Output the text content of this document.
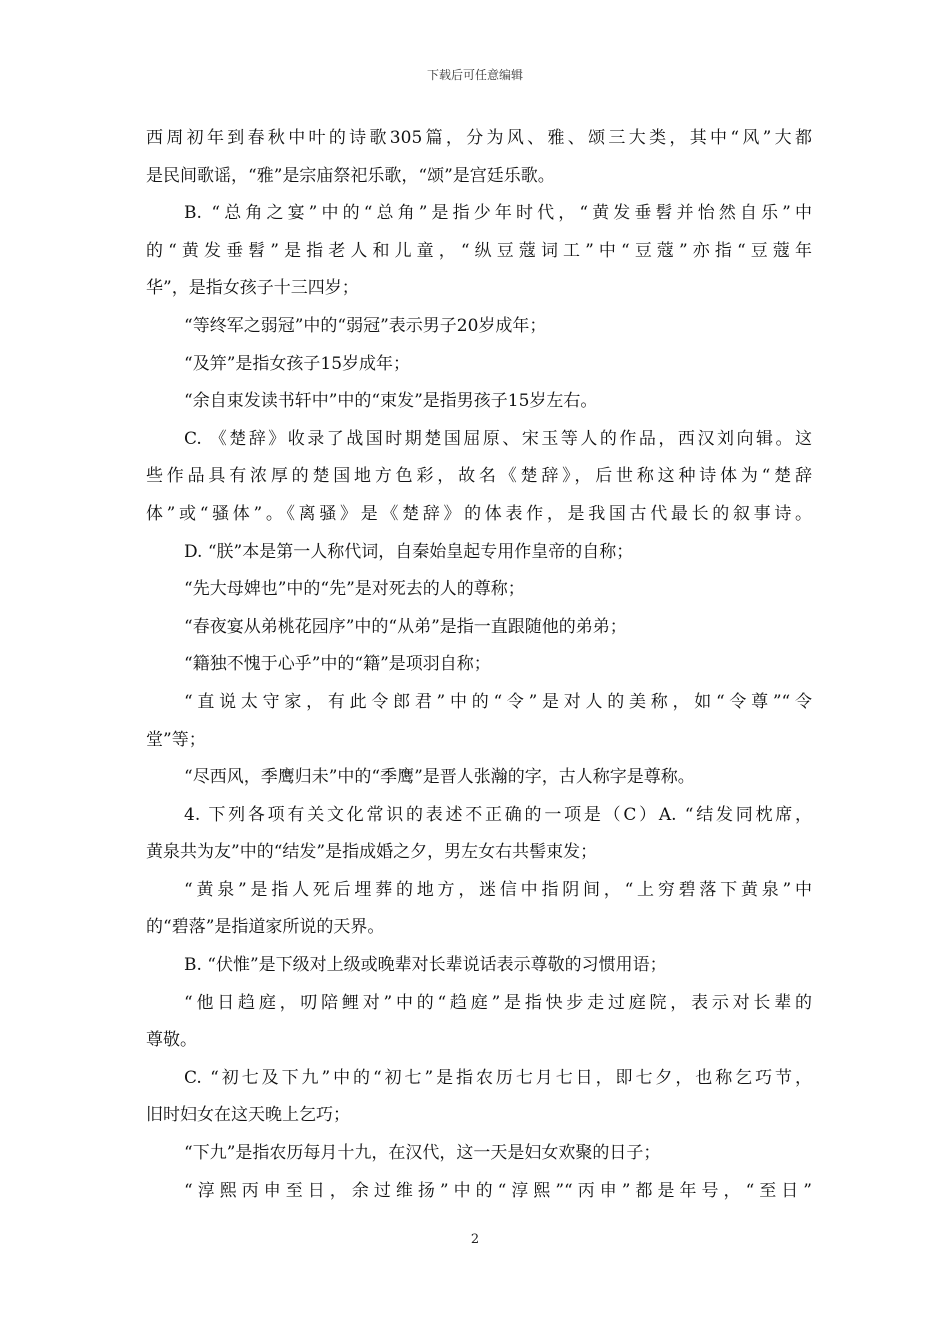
下载后可任意编辑
西周初年到春秋中叶的诗歌305篇，分为风、雅、颂三大类，其中“风”大都
是民间歌谣，“雅”是宗庙祭祀乐歌，“颂”是宫廷乐歌。
B. “总角之宴”中的“总角”是指少年时代，“黄发垂髫并怡然自乐”中
的“黄发垂髫”是指老人和儿童，“纵豆蔻词工”中“豆蔻”亦指“豆蔻年
华”，是指女孩子十三四岁；
“等终军之弱冠”中的“弱冠”表示男子20岁成年；
“及笄”是指女孩子15岁成年；
“余自束发读书轩中”中的“束发”是指男孩子15岁左右。
C. 《楚辞》收录了战国时期楚国屈原、宋玉等人的作品，西汉刘向辑。这
些作品具有浓厚的楚国地方色彩，故名《楚辞》，后世称这种诗体为“楚辞
体”或“骚体”。《离骚》是《楚辞》的体表作，是我国古代最长的叙事诗。
D. “朕”本是第一人称代词，自秦始皇起专用作皇帝的自称；
“先大母婢也”中的“先”是对死去的人的尊称；
“春夜宴从弟桃花园序”中的“从弟”是指一直跟随他的弟弟；
“籍独不愧于心乎”中的“籍”是项羽自称；
“直说太守家，有此令郎君”中的“令”是对人的美称，如“令尊”“令
堂”等；
“尽西风，季鹰归未”中的“季鹰”是晋人张瀚的字，古人称字是尊称。
4. 下列各项有关文化常识的表述不正确的一项是（C）A. “结发同枕席，
黄泉共为友”中的“结发”是指成婚之夕，男左女右共髻束发；
“黄泉”是指人死后埋葬的地方，迷信中指阴间，“上穷碧落下黄泉”中
的“碧落”是指道家所说的天界。
B. “伏惟”是下级对上级或晚辈对长辈说话表示尊敬的习惯用语；
“他日趋庭，叨陪鲤对”中的“趋庭”是指快步走过庭院，表示对长辈的
尊敬。
C. “初七及下九”中的“初七”是指农历七月七日，即七夕，也称乞巧节，
旧时妇女在这天晚上乞巧；
“下九”是指农历每月十九，在汉代，这一天是妇女欢聚的日子；
“淳熙丙申至日，余过维扬”中的“淳熙”“丙申”都是年号，“至日”
2
